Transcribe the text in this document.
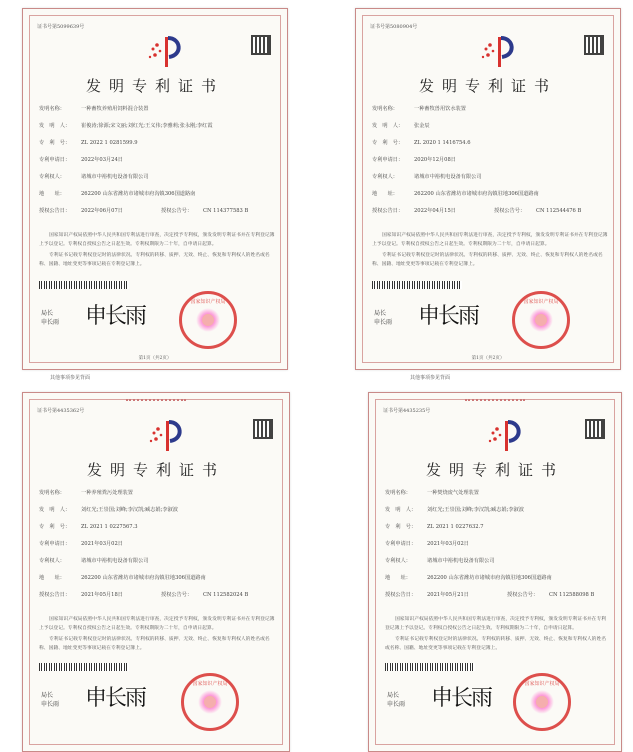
证书号第5099639号
发明专利证书
发明名称：	一种畜牧养殖用饲料混合装置
发　明　人：	崔俊涛;徐源;宋文丽;刘红光;王义伟;李雅莉;张永刚;李红霞
专　利　号：	ZL 2022 1 0281599.9
专利申请日：	2022年03月24日
专利权人：	诸城市中裕机电设备有限公司
地　　址：	262200 山东省潍坊市诸城市府沟镇306国道路南
授权公告日：	2022年06月07日	授权公告号：	CN 114377583 B

国家知识产权局依照中华人民共和国专利法进行审查，决定授予专利权，颁发发明专利证书并在专利登记簿上予以登记。专利权自授权公告之日起生效。专利权期限为二十年，自申请日起算。

专利证书记载专利权登记时的法律状况。专利权的转移、质押、无效、终止、恢复和专利权人的姓名或名称、国籍、地址变更等事项记载在专利登记簿上。

局长
申长雨 申长雨
国家知识产权局
第1页（共2页）
其他事项参见背面
证书号第5080904号
发明专利证书
发明名称：	一种畜牧兽用饮水装置
发　明　人：	张金辰
专　利　号：	ZL 2020 1 1416754.6
专利申请日：	2020年12月08日
专利权人：	诸城市中裕机电设备有限公司
地　　址：	262200 山东省潍坊市诸城市府沟镇驻地306国道路南
授权公告日：	2022年04月15日	授权公告号：	CN 112544476 B

国家知识产权局依照中华人民共和国专利法进行审查，决定授予专利权，颁发发明专利证书并在专利登记簿上予以登记。专利权自授权公告之日起生效。专利权期限为二十年，自申请日起算。

专利证书记载专利权登记时的法律状况。专利权的转移、质押、无效、终止、恢复和专利权人的姓名或名称、国籍、地址变更等事项记载在专利登记簿上。

局长
申长雨 申长雨
国家知识产权局
第1页（共2页）
其他事项参见背面
证书号第4435362号
发明专利证书
发明名称：	一种养殖粪污处理装置
发　明　人：	刘红光;王崇国;刘峰;李汉凯;臧志娟;李淑波
专　利　号：	ZL 2021 1 0227567.3
专利申请日：	2021年03月02日
专利权人：	诸城市中裕机电设备有限公司
地　　址：	262200 山东省潍坊市诸城市府沟镇驻地306国道路南
授权公告日：	2021年05月18日	授权公告号：	CN 112582024 B

国家知识产权局依照中华人民共和国专利法进行审查，决定授予专利权，颁发发明专利证书并在专利登记簿上予以登记。专利权自授权公告之日起生效。专利权期限为二十年，自申请日起算。

专利证书记载专利权登记时的法律状况。专利权的转移、质押、无效、终止、恢复和专利权人的姓名或名称、国籍、地址变更等事项记载在专利登记簿上。

局长
申长雨 申长雨
国家知识产权局
证书号第4435235号
发明专利证书
发明名称：	一种焚烧废气处理装置
发　明　人：	刘红光;王崇国;刘峰;李汉凯;臧志娟;李淑波
专　利　号：	ZL 2021 1 0227632.7
专利申请日：	2021年03月02日
专利权人：	诸城市中裕机电设备有限公司
地　　址：	262200 山东省潍坊市诸城市府沟镇驻地306国道路南
授权公告日：	2021年05月21日	授权公告号：	CN 112588098 B

国家知识产权局依照中华人民共和国专利法进行审查，决定授予专利权，颁发发明专利证书并在专利登记簿上予以登记。专利权自授权公告之日起生效。专利权期限为二十年，自申请日起算。

专利证书记载专利权登记时的法律状况。专利权的转移、质押、无效、终止、恢复和专利权人的姓名或名称、国籍、地址变更等事项记载在专利登记簿上。

局长
申长雨 申长雨
国家知识产权局
